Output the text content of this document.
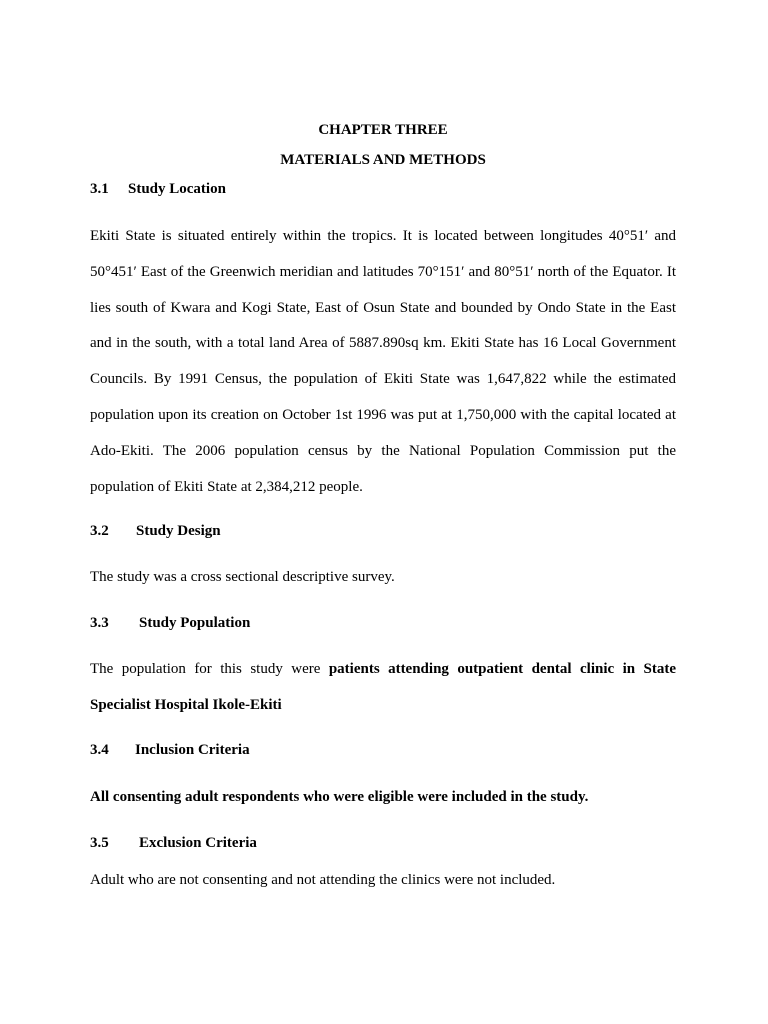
CHAPTER THREE
MATERIALS AND METHODS
3.1 Study Location

Ekiti State is situated entirely within the tropics. It is located between longitudes 40°51′ and 50°451′ East of the Greenwich meridian and latitudes 70°151′ and 80°51′ north of the Equator. It lies south of Kwara and Kogi State, East of Osun State and bounded by Ondo State in the East and in the south, with a total land Area of 5887.890sq km. Ekiti State has 16 Local Government Councils. By 1991 Census, the population of Ekiti State was 1,647,822 while the estimated population upon its creation on October 1st 1996 was put at 1,750,000 with the capital located at Ado-Ekiti. The 2006 population census by the National Population Commission put the population of Ekiti State at 2,384,212 people.

3.2 Study Design
The study was a cross sectional descriptive survey.
3.3 Study Population

The population for this study were patients attending outpatient dental clinic in State Specialist Hospital Ikole-Ekiti

3.4 Inclusion Criteria
All consenting adult respondents who were eligible were included in the study.
3.5 Exclusion Criteria
Adult who are not consenting and not attending the clinics were not included.
